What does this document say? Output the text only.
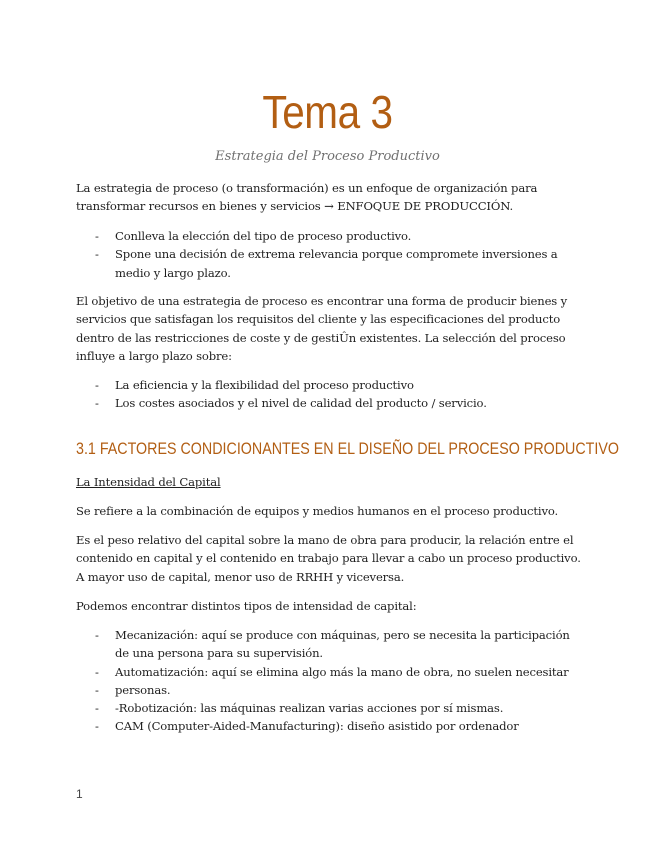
Tema 3
Estrategia del Proceso Productivo
La estrategia de proceso (o transformación) es un enfoque de organización para
transformar recursos en bienes y servicios → ENFOQUE DE PRODUCCIÓN.
- Conlleva la elección del tipo de proceso productivo.
- Spone una decisión de extrema relevancia porque compromete inversiones a medio y largo plazo.
El objetivo de una estrategia de proceso es encontrar una forma de producir bienes y
servicios que satisfagan los requisitos del cliente y las especificaciones del producto
dentro de las restricciones de coste y de gestiÛn existentes. La selección del proceso
influye a largo plazo sobre:
- La eficiencia y la flexibilidad del proceso productivo
- Los costes asociados y el nivel de calidad del producto / servicio.
3.1 FACTORES CONDICIONANTES EN EL DISEÑO DEL PROCESO PRODUCTIVO
La Intensidad del Capital
Se refiere a la combinación de equipos y medios humanos en el proceso productivo.
Es el peso relativo del capital sobre la mano de obra para producir, la relación entre el
contenido en capital y el contenido en trabajo para llevar a cabo un proceso productivo.
A mayor uso de capital, menor uso de RRHH y viceversa.
Podemos encontrar distintos tipos de intensidad de capital:
- Mecanización: aquí se produce con máquinas, pero se necesita la participación de una persona para su supervisión.
- Automatización: aquí se elimina algo más la mano de obra, no suelen necesitar
- personas.
- -Robotización: las máquinas realizan varias acciones por sí mismas.
- CAM (Computer-Aided-Manufacturing): diseño asistido por ordenador
1
